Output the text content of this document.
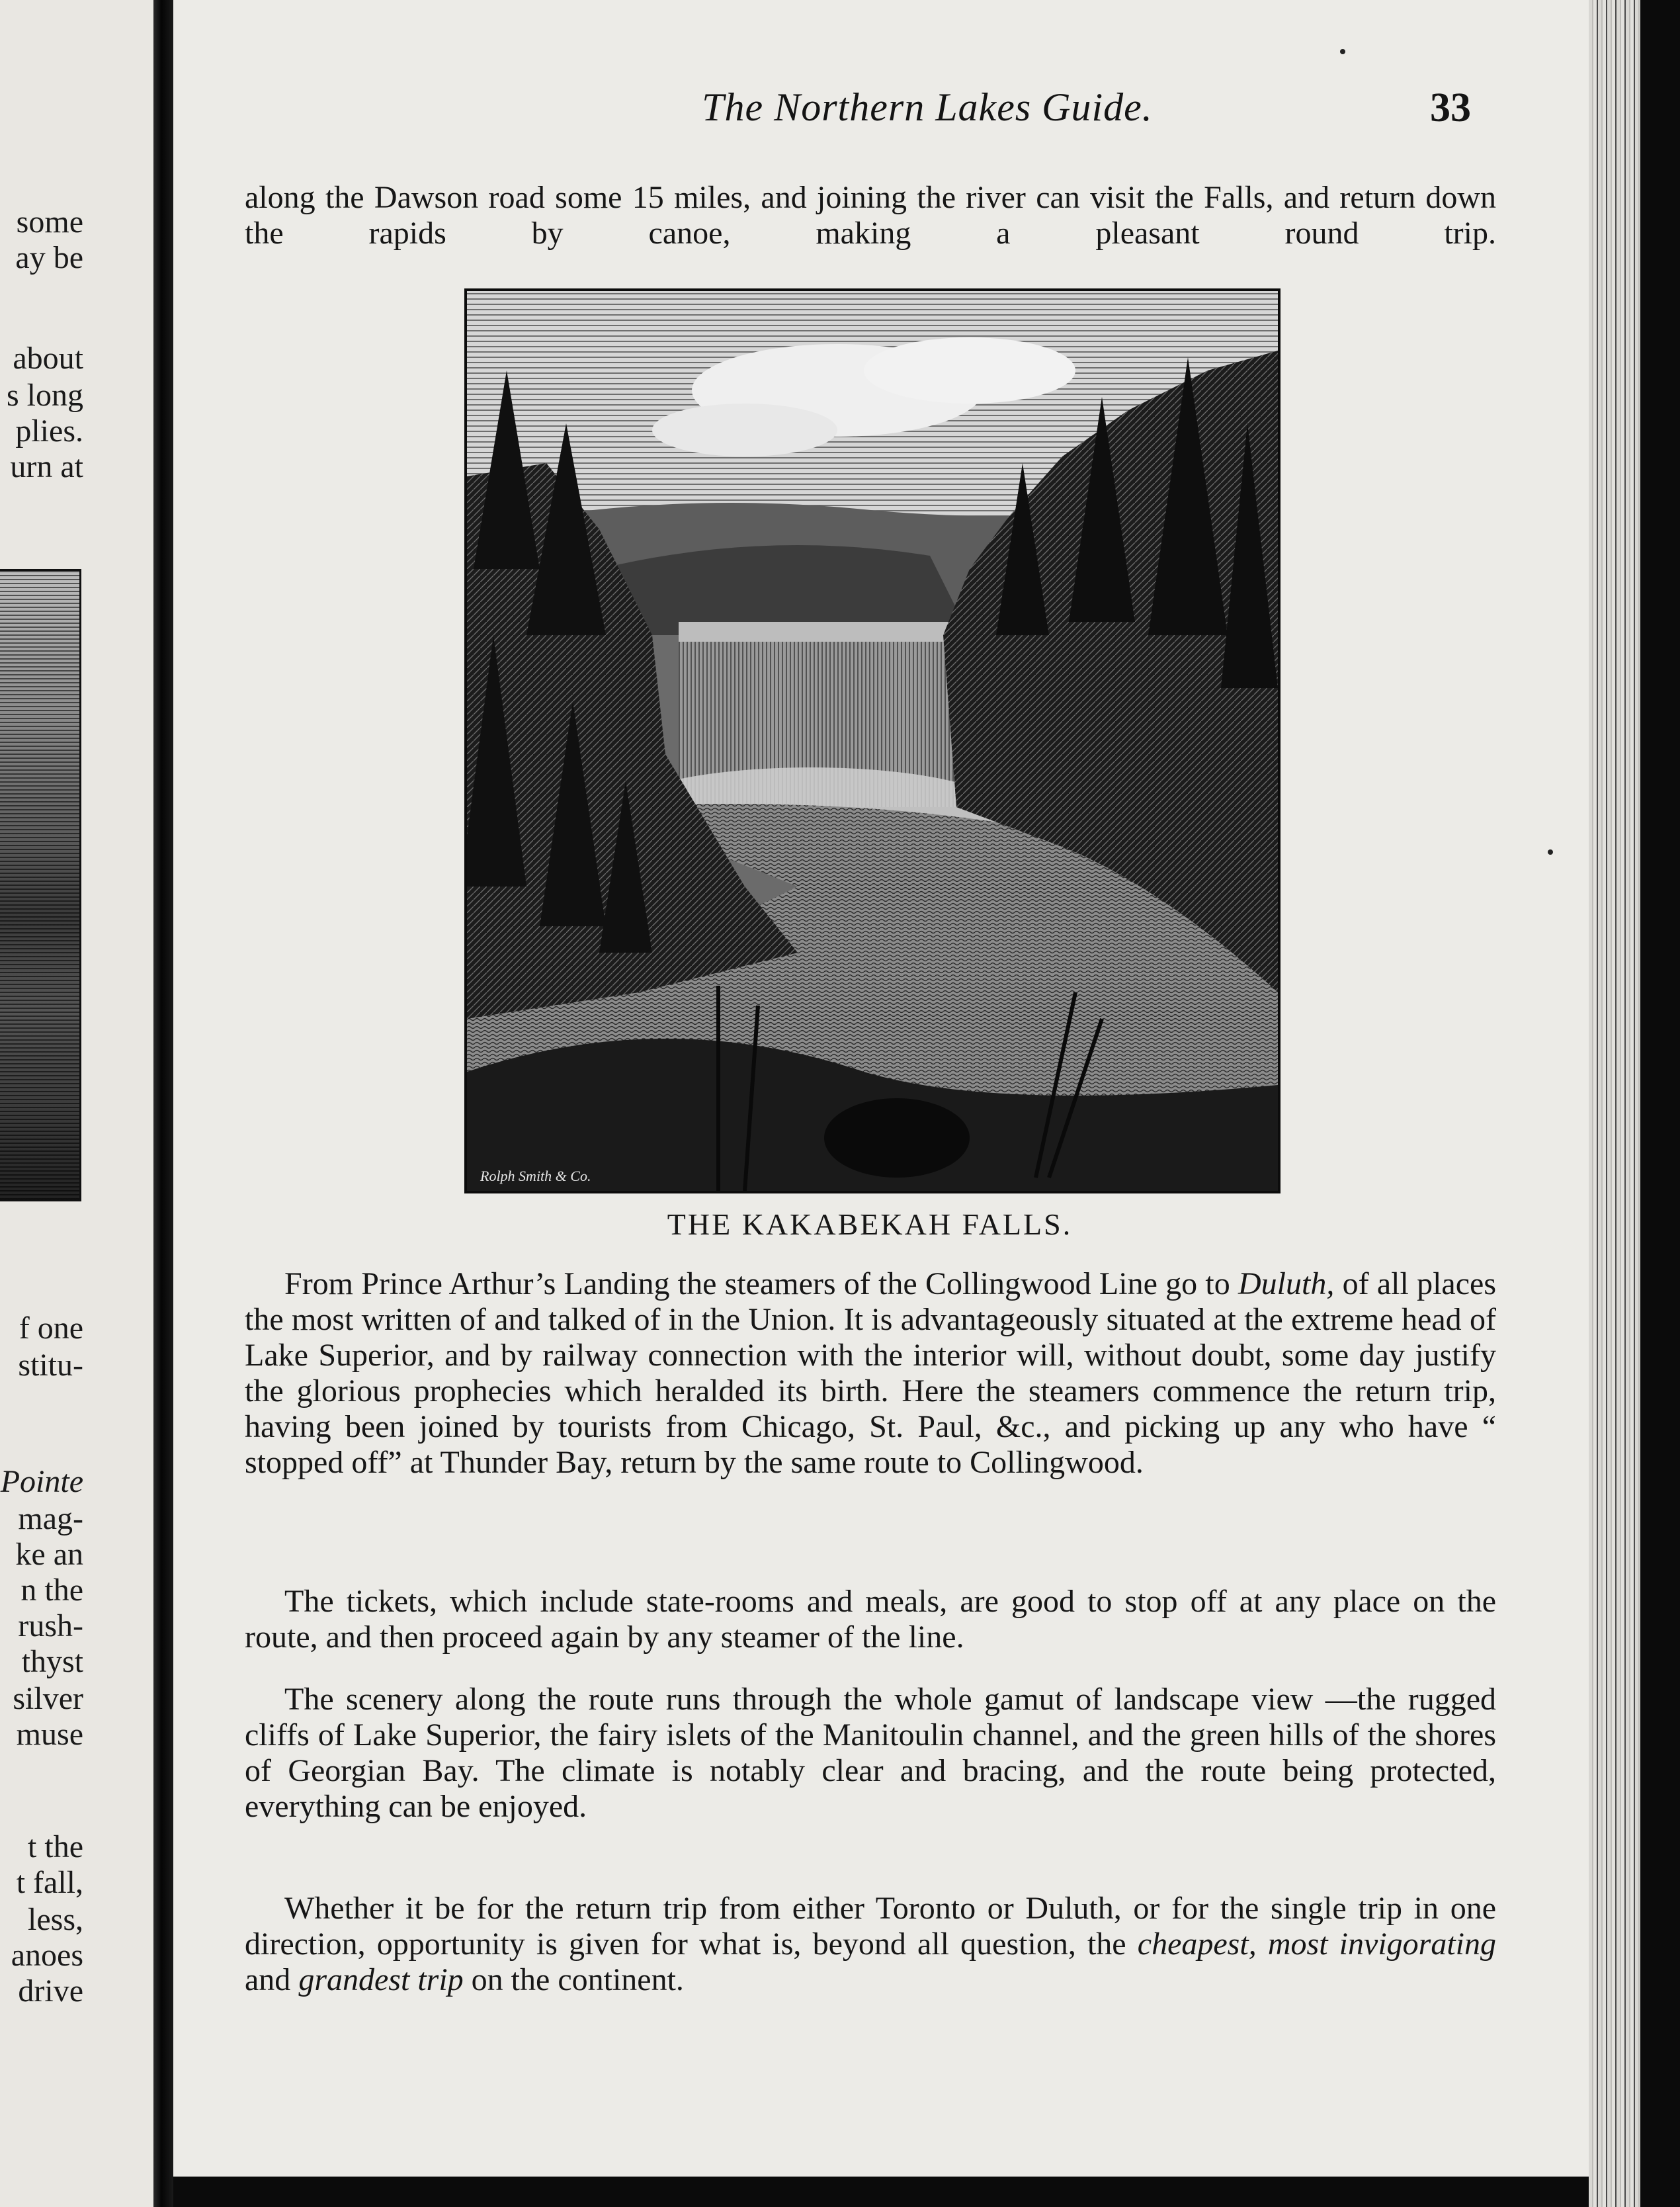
some
ay be
about
s long
plies.
urn at
f one
stitu-
Pointe
mag-
ke an
n the
rush-
thyst
silver
muse
t the
t fall,
less,
anoes
drive
The Northern Lakes Guide.	33
along the Dawson road some 15 miles, and joining the river can visit the Falls, and return down the rapids by canoe, making a pleasant round trip.
Rolph Smith & Co.
THE KAKABEKAH FALLS.
From Prince Arthur’s Landing the steamers of the Collingwood Line go to Duluth, of all places the most written of and talked of in the Union. It is advantageously situated at the extreme head of Lake Superior, and by railway connection with the interior will, without doubt, some day justify the glorious prophecies which heralded its birth. Here the steamers commence the return trip, having been joined by tourists from Chicago, St. Paul, &c., and picking up any who have “ stopped off” at Thunder Bay, return by the same route to Collingwood.
The tickets, which include state-rooms and meals, are good to stop off at any place on the route, and then proceed again by any steamer of the line.
The scenery along the route runs through the whole gamut of landscape view —the rugged cliffs of Lake Superior, the fairy islets of the Manitoulin channel, and the green hills of the shores of Georgian Bay. The climate is notably clear and bracing, and the route being protected, everything can be enjoyed.
Whether it be for the return trip from either Toronto or Duluth, or for the single trip in one direction, opportunity is given for what is, beyond all question, the cheapest, most invigorating and grandest trip on the continent.
